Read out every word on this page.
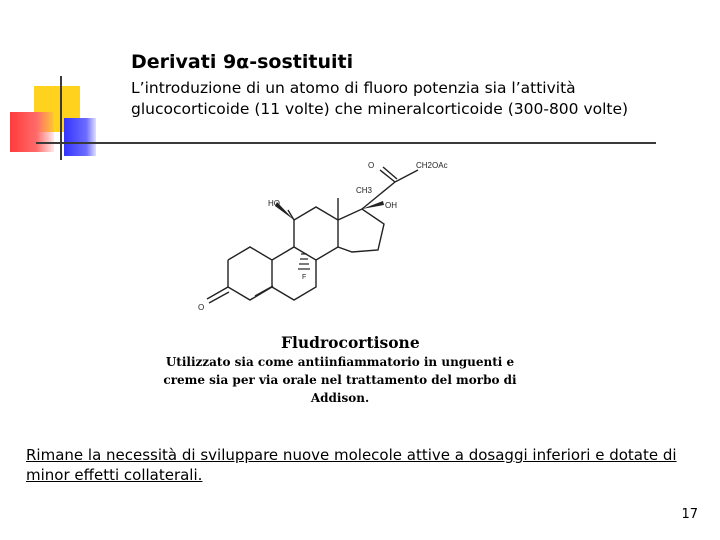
Derivati 9α-sostituiti

L’introduzione di un atomo di fluoro potenzia sia l’attività glucocorticoide (11 volte) che mineralcorticoide (300-800 volte)

O	CH2OAc
CH3
HO	OH
F
O

Fludrocortisone

Utilizzato sia come antiinfiammatorio in unguenti e creme sia per via orale nel trattamento del morbo di Addison.

Rimane la necessità di sviluppare nuove molecole attive a dosaggi inferiori e dotate di minor effetti collaterali.

17
